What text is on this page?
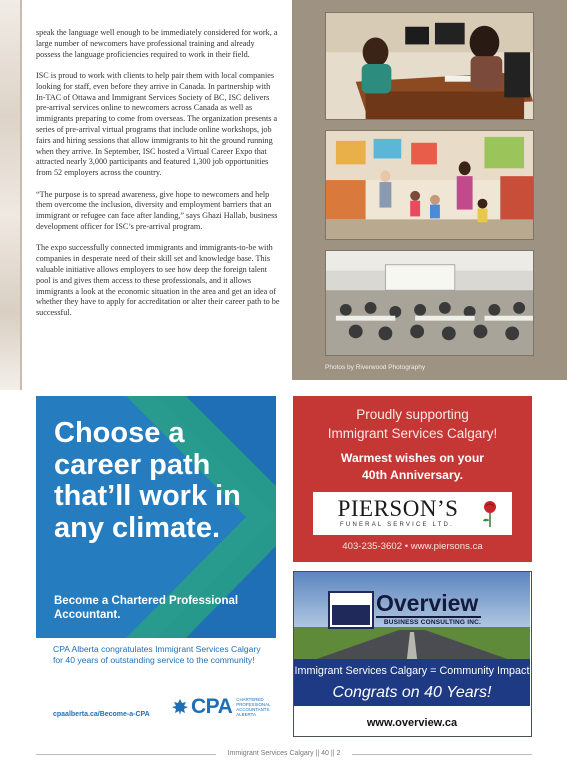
speak the language well enough to be immediately considered for work, a large number of newcomers have professional training and already possess the language proficiencies required to work in their field.

ISC is proud to work with clients to help pair them with local companies looking for staff, even before they arrive in Canada. In partnership with In-TAC of Ottawa and Immigrant Services Society of BC, ISC delivers pre-arrival services online to newcomers across Canada as well as immigrants preparing to come from overseas. The organization presents a series of pre-arrival virtual programs that include online workshops, job fairs and hiring sessions that allow immigrants to hit the ground running when they arrive. In September, ISC hosted a Virtual Career Expo that attracted nearly 3,000 participants and featured 1,300 job opportunities from 52 employers across the country.

“The purpose is to spread awareness, give hope to newcomers and help them overcome the inclusion, diversity and employment barriers that an immigrant or refugee can face after landing,” says Ghazi Hallab, business development officer for ISC’s pre-arrival program.

The expo successfully connected immigrants and immigrants-to-be with companies in desperate need of their skill set and knowledge base. This valuable initiative allows employers to see how deep the foreign talent pool is and gives them access to these professionals, and it allows immigrants a look at the economic situation in the area and get an idea of whether they have to apply for accreditation or alter their career path to be successful.

Photos by Riverwood Photography
Choose a career path that’ll work in any climate.
Become a Chartered Professional Accountant.
CPA Alberta congratulates Immigrant Services Calgary for 40 years of outstanding service to the community!
CPA CHARTERED PROFESSIONAL ACCOUNTANTS ALBERTA
cpaalberta.ca/Become-a-CPA
Proudly supporting
Immigrant Services Calgary!
Warmest wishes on your
40th Anniversary.
PIERSON’S
FUNERAL SERVICE LTD.
403-235-3602 • www.piersons.ca
Overview
BUSINESS CONSULTING INC.
Immigrant Services Calgary = Community Impact
Congrats on 40 Years!
www.overview.ca
Immigrant Services Calgary || 40 || 2
